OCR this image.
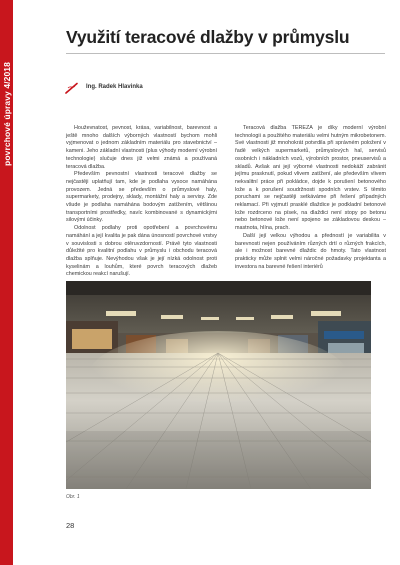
povrchové úpravy 4/2018
Využití teracové dlažby v průmyslu
Ing. Radek Hlavinka

Houževnatost, pevnost, krása, variabilnost, barevnost a ještě mnoho dalších výborných vlastností bychom mohli vyjmenovat o jednom základním materiálu pro stavebnictví – kameni. Jeho základní vlastnosti (plus výhody moderní výrobní technologie) slučuje dnes již velmi známá a používaná teracová dlažba.

Především pevnostní vlastnosti teracové dlažby se nejčastěji uplatňují tam, kde je podlaha vysoce namáhána provozem. Jedná se především o průmyslové haly, supermarkety, prodejny, sklady, montážní haly a servisy. Zde všude je podlaha namáhána bodovým zatížením, většinou transportními prostředky, navíc kombinované s dynamickými silovými účinky.

Odolnost podlahy proti opotřebení a povrchovému namáhání a její kvalita je pak dána únosností povrchové vrstvy v souvislosti s dobrou otěruvzdorností. Právě tyto vlastnosti důležité pro kvalitní podlahu v průmyslu i obchodu teracová dlažba splňuje. Nevýhodou však je její nízká odolnost proti kyselinám a louhům, které povrch teracových dlažeb chemickou reakcí narušují.

Teracová dlažba TEREZA je díky moderní výrobní technologii a použitého materiálu velmi hutným mikrobetonem. Své vlastnosti již mnohokrát potvrdila při správném položení v řadě velkých supermarketů, průmyslových hal, servisů osobních i nákladních vozů, výrobních prostor, pneuservisů a skladů. Avšak ani její výborné vlastnosti nedokáží zabránit jejímu prasknutí, pokud vlivem zatížení, ale především vlivem nekvalitní práce při pokládce, dojde k porušení betonového lože a k porušení soudržnosti spodních vrstev. S těmito poruchami se nejčastěji setkáváme při řešení případných reklamací. Při vyjmutí prasklé dlaždice je podkladní betonové lože rozdrceno na písek, na dlaždici není stopy po betonu nebo betonové lože není spojeno se základovou deskou – mastnota, hlína, prach.

Další její velkou výhodou a předností je variabilita v barevnosti nejen používáním různých drtí o různých frakcích, ale i možnost barevné dlaždic do hmoty. Tato vlastnost prakticky může splnit velmi náročné požadavky projektanta a investora na barevné řešení interiérů

Obr. 1
28
